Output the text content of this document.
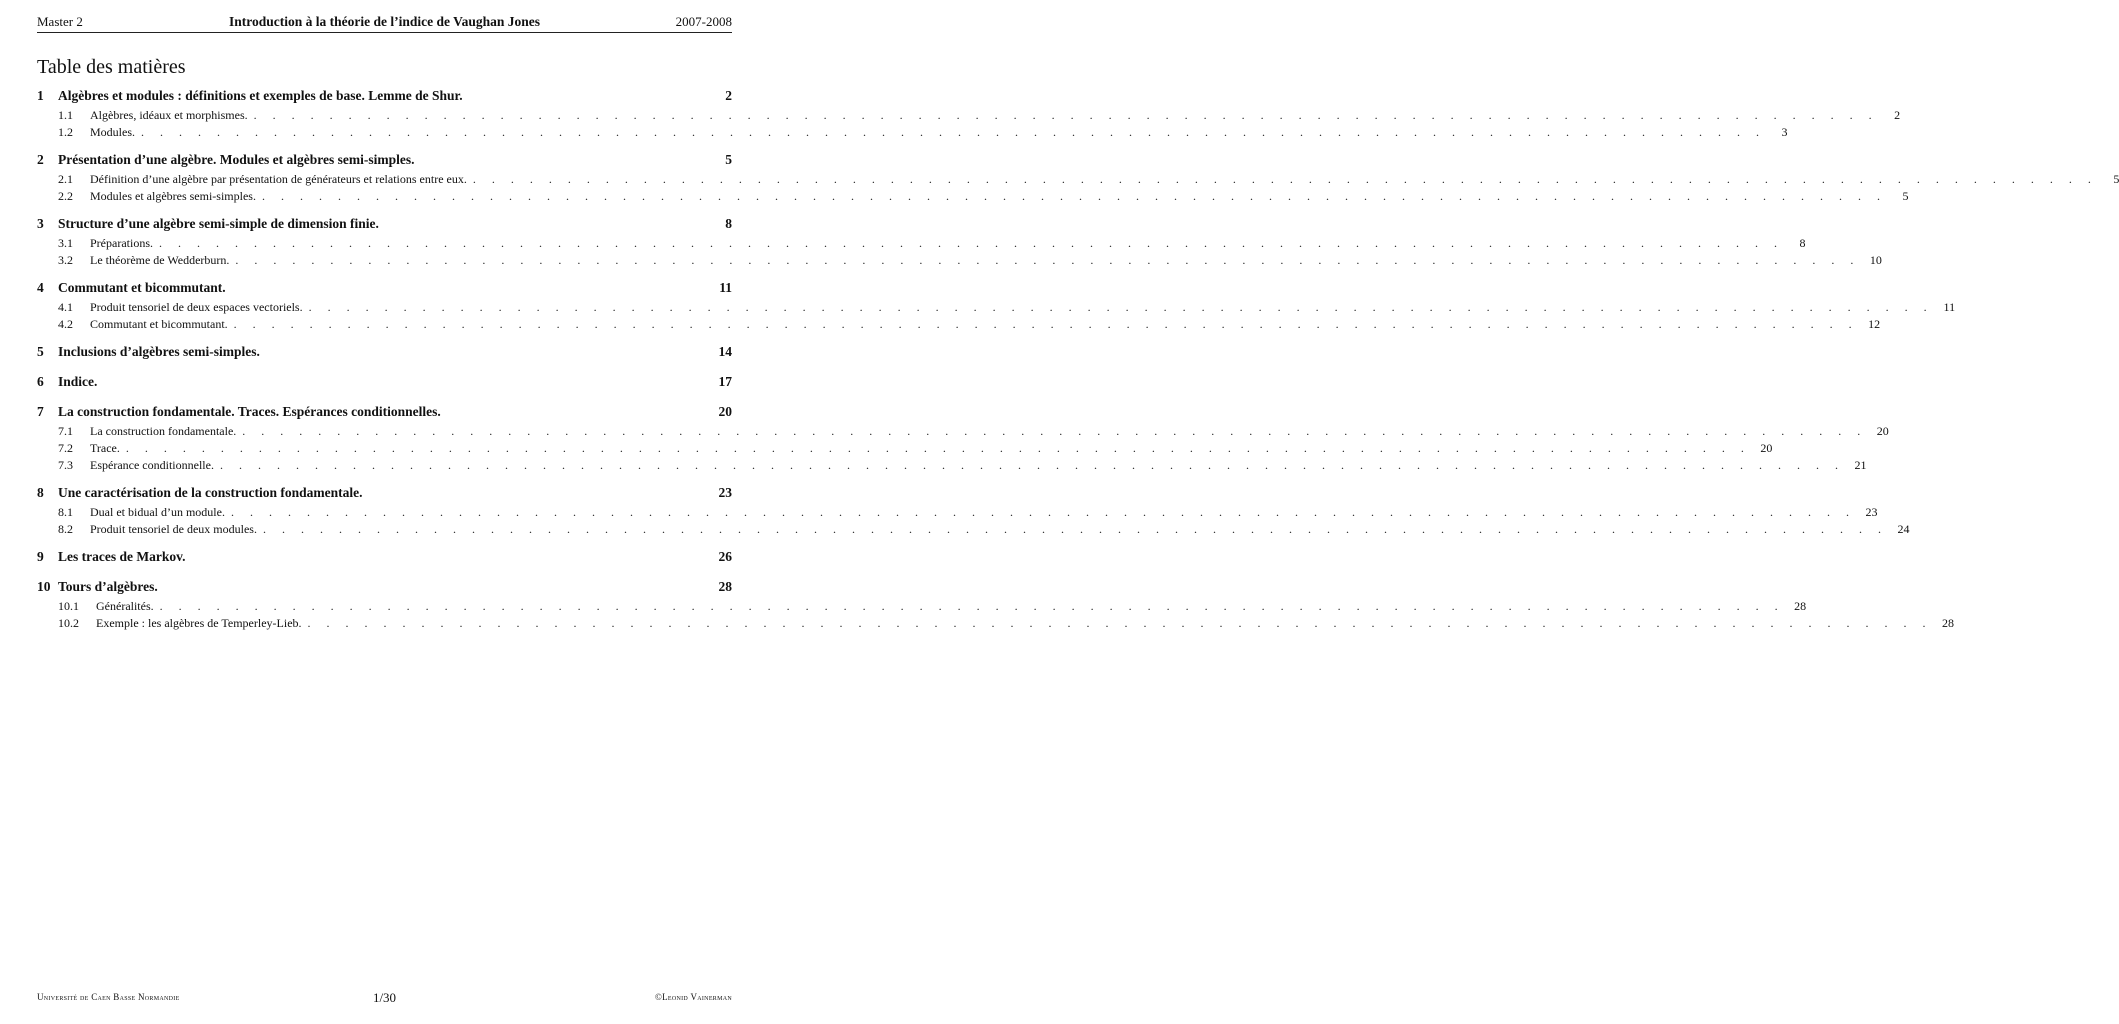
Master 2	Introduction à la théorie de l’indice de Vaughan Jones	2007-2008
Table des matières
1	Algèbres et modules : définitions et exemples de base. Lemme de Shur.	2
1.1	Algèbres, idéaux et morphismes. . . . . . . . . . . . . . . . . . . . . . . . . . . . . . . . . . . . . . . . . . . . . . . . . . . . . . . . . . . . . . . . . . . . . . . . . . . . . . . . . . . . . . .	2
1.2	Modules. . . . . . . . . . . . . . . . . . . . . . . . . . . . . . . . . . . . . . . . . . . . . . . . . . . . . . . . . . . . . . . . . . . . . . . . . . . . . . . . . . . . . . .	3
2	Présentation d’une algèbre. Modules et algèbres semi-simples.	5
2.1	Définition d’une algèbre par présentation de générateurs et relations entre eux. . . . . . . . . . . . . . . . . . . . . . . . . . . . . . . . . . . . . . . . . . . . . . . . . . . . . . . . . . . . . . . . . . . . . . . . . . . . . . . . . . . . . . .	5
2.2	Modules et algèbres semi-simples. . . . . . . . . . . . . . . . . . . . . . . . . . . . . . . . . . . . . . . . . . . . . . . . . . . . . . . . . . . . . . . . . . . . . . . . . . . . . . . . . . . . . . .	5
3	Structure d’une algèbre semi-simple de dimension finie.	8
3.1	Préparations. . . . . . . . . . . . . . . . . . . . . . . . . . . . . . . . . . . . . . . . . . . . . . . . . . . . . . . . . . . . . . . . . . . . . . . . . . . . . . . . . . . . . . .	8
3.2	Le théorème de Wedderburn. . . . . . . . . . . . . . . . . . . . . . . . . . . . . . . . . . . . . . . . . . . . . . . . . . . . . . . . . . . . . . . . . . . . . . . . . . . . . . . . . . . . . . . 10
4	Commutant et bicommutant.	11
4.1	Produit tensoriel de deux espaces vectoriels. . . . . . . . . . . . . . . . . . . . . . . . . . . . . . . . . . . . . . . . . . . . . . . . . . . . . . . . . . . . . . . . . . . . . . . . . . . . . . . . . . . . . . . 11
4.2	Commutant et bicommutant. . . . . . . . . . . . . . . . . . . . . . . . . . . . . . . . . . . . . . . . . . . . . . . . . . . . . . . . . . . . . . . . . . . . . . . . . . . . . . . . . . . . . . . 12
5	Inclusions d’algèbres semi-simples.	14
6	Indice.	17
7	La construction fondamentale. Traces. Espérances conditionnelles.	20
7.1	La construction fondamentale. . . . . . . . . . . . . . . . . . . . . . . . . . . . . . . . . . . . . . . . . . . . . . . . . . . . . . . . . . . . . . . . . . . . . . . . . . . . . . . . . . . . . . . 20
7.2	Trace. . . . . . . . . . . . . . . . . . . . . . . . . . . . . . . . . . . . . . . . . . . . . . . . . . . . . . . . . . . . . . . . . . . . . . . . . . . . . . . . . . . . . . . 20
7.3	Espérance conditionnelle. . . . . . . . . . . . . . . . . . . . . . . . . . . . . . . . . . . . . . . . . . . . . . . . . . . . . . . . . . . . . . . . . . . . . . . . . . . . . . . . . . . . . . . 21
8	Une caractérisation de la construction fondamentale.	23
8.1	Dual et bidual d’un module. . . . . . . . . . . . . . . . . . . . . . . . . . . . . . . . . . . . . . . . . . . . . . . . . . . . . . . . . . . . . . . . . . . . . . . . . . . . . . . . . . . . . . . 23
8.2	Produit tensoriel de deux modules. . . . . . . . . . . . . . . . . . . . . . . . . . . . . . . . . . . . . . . . . . . . . . . . . . . . . . . . . . . . . . . . . . . . . . . . . . . . . . . . . . . . . . . 24
9	Les traces de Markov.	26
10 Tours d’algèbres.	28
10.1	Généralités. . . . . . . . . . . . . . . . . . . . . . . . . . . . . . . . . . . . . . . . . . . . . . . . . . . . . . . . . . . . . . . . . . . . . . . . . . . . . . . . . . . . . . . 28
10.2	Exemple : les algèbres de Temperley-Lieb. . . . . . . . . . . . . . . . . . . . . . . . . . . . . . . . . . . . . . . . . . . . . . . . . . . . . . . . . . . . . . . . . . . . . . . . . . . . . . . . . . . . . . . 28
Université de Caen Basse Normandie	1/30	©Leonid Vainerman
